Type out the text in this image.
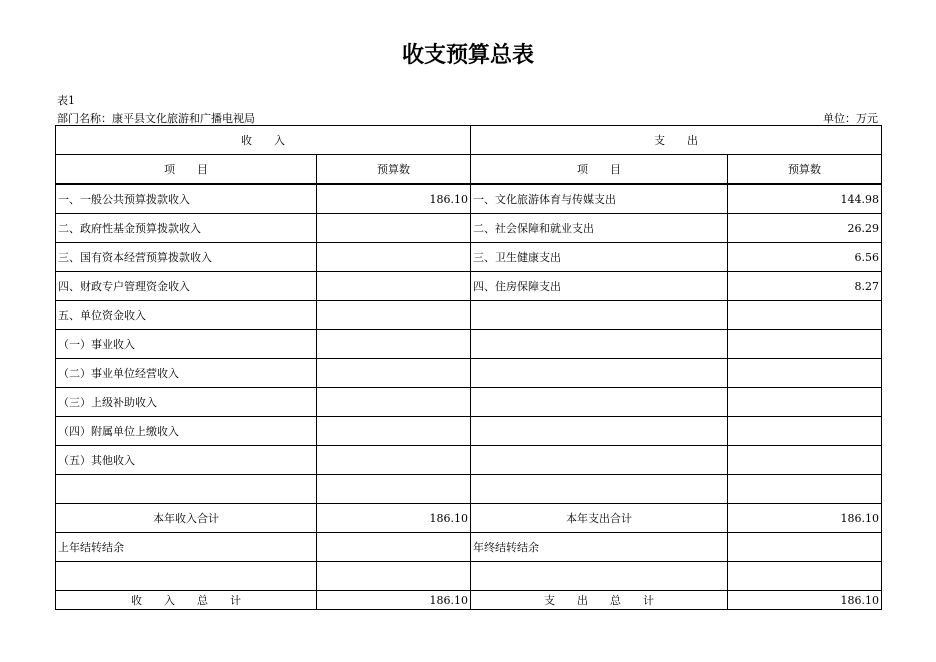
收支预算总表
表1
部门名称：康平县文化旅游和广播电视局	单位：万元
收　　入		支　　出	
项　　目	预算数	项　　目	预算数
一、一般公共预算拨款收入	186.10	一、文化旅游体育与传媒支出	144.98
二、政府性基金预算拨款收入		二、社会保障和就业支出	26.29
三、国有资本经营预算拨款收入		三、卫生健康支出	6.56
四、财政专户管理资金收入		四、住房保障支出	8.27
五、单位资金收入			
（一）事业收入			
（二）事业单位经营收入			
（三）上级补助收入			
（四）附属单位上缴收入			
（五）其他收入			

本年收入合计	186.10	本年支出合计	186.10
上年结转结余		年终结转结余	

收　　入　　总　　计	186.10	支　　出　　总　　计	186.10
